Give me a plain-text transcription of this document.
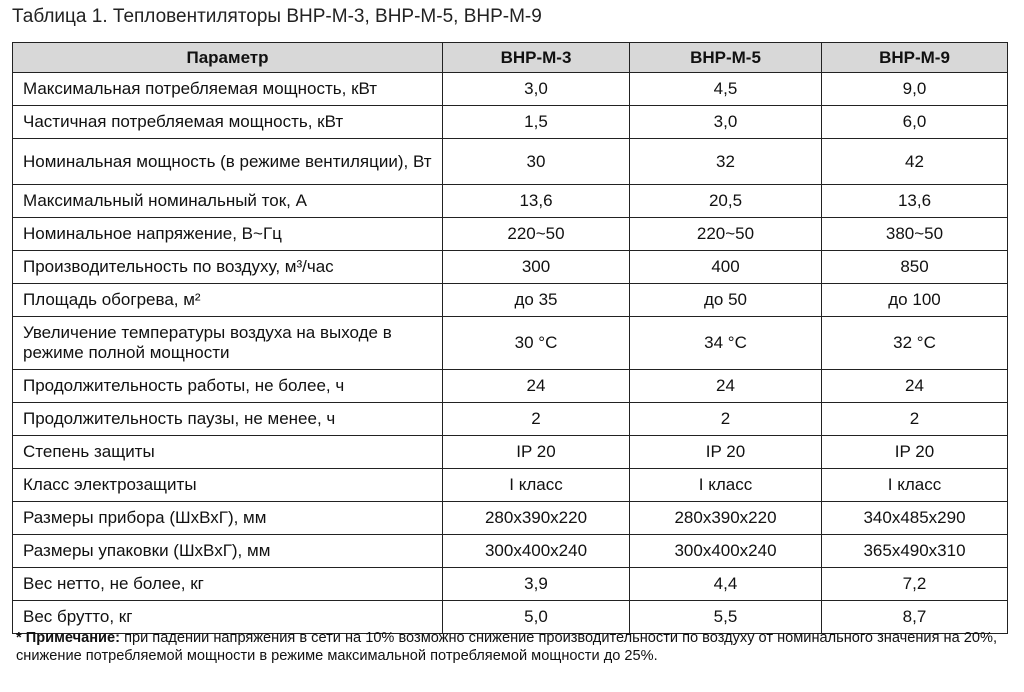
Таблица 1. Тепловентиляторы ВНР-М-3, ВНР-М-5, ВНР-М-9
Параметр	ВНР-М-3	ВНР-М-5	ВНР-М-9
Максимальная потребляемая мощность, кВт	3,0	4,5	9,0
Частичная потребляемая мощность, кВт	1,5	3,0	6,0
Номинальная мощность (в режиме вентиляции), Вт	30	32	42
Максимальный номинальный ток, А	13,6	20,5	13,6
Номинальное напряжение, В~Гц	220~50	220~50	380~50
Производительность по воздуху, м³/час	300	400	850
Площадь обогрева, м²	до 35	до 50	до 100
Увеличение температуры воздуха на выходе в режиме полной мощности	30 °C	34 °C	32 °C
Продолжительность работы, не более, ч	24	24	24
Продолжительность паузы, не менее, ч	2	2	2
Степень защиты	IP 20	IP 20	IP 20
Класс электрозащиты	I класс	I класс	I класс
Размеры прибора (ШхВхГ), мм	280x390x220	280x390x220	340x485x290
Размеры упаковки (ШхВхГ), мм	300x400x240	300x400x240	365x490x310
Вес нетто, не более, кг	3,9	4,4	7,2
Вес брутто, кг	5,0	5,5	8,7
* Примечание: при падении напряжения в сети на 10% возможно снижение производительности по воздуху от номинального значения на 20%, снижение потребляемой мощности в режиме максимальной потребляемой мощности до 25%.
